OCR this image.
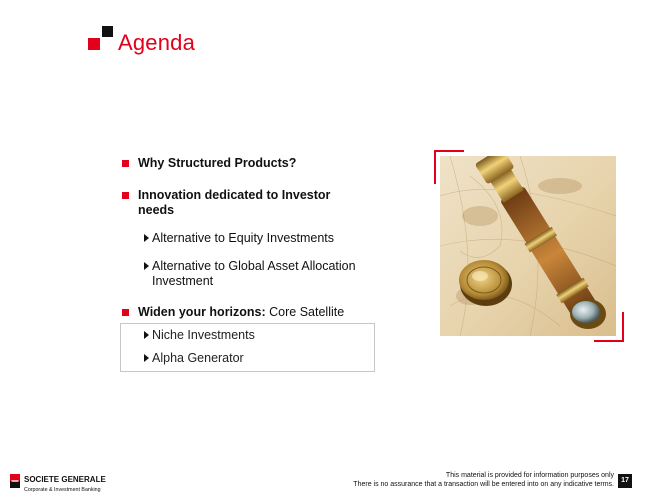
Agenda
Why Structured Products?
Innovation dedicated to Investor needs
Alternative to Equity Investments
Alternative to Global Asset Allocation Investment
Widen your horizons: Core Satellite
Niche Investments
Alpha Generator
SOCIETE GENERALE
Corporate & Investment Banking
This material is provided for information purposes only
There is no assurance that a transaction will be entered into on any indicative terms.
17
